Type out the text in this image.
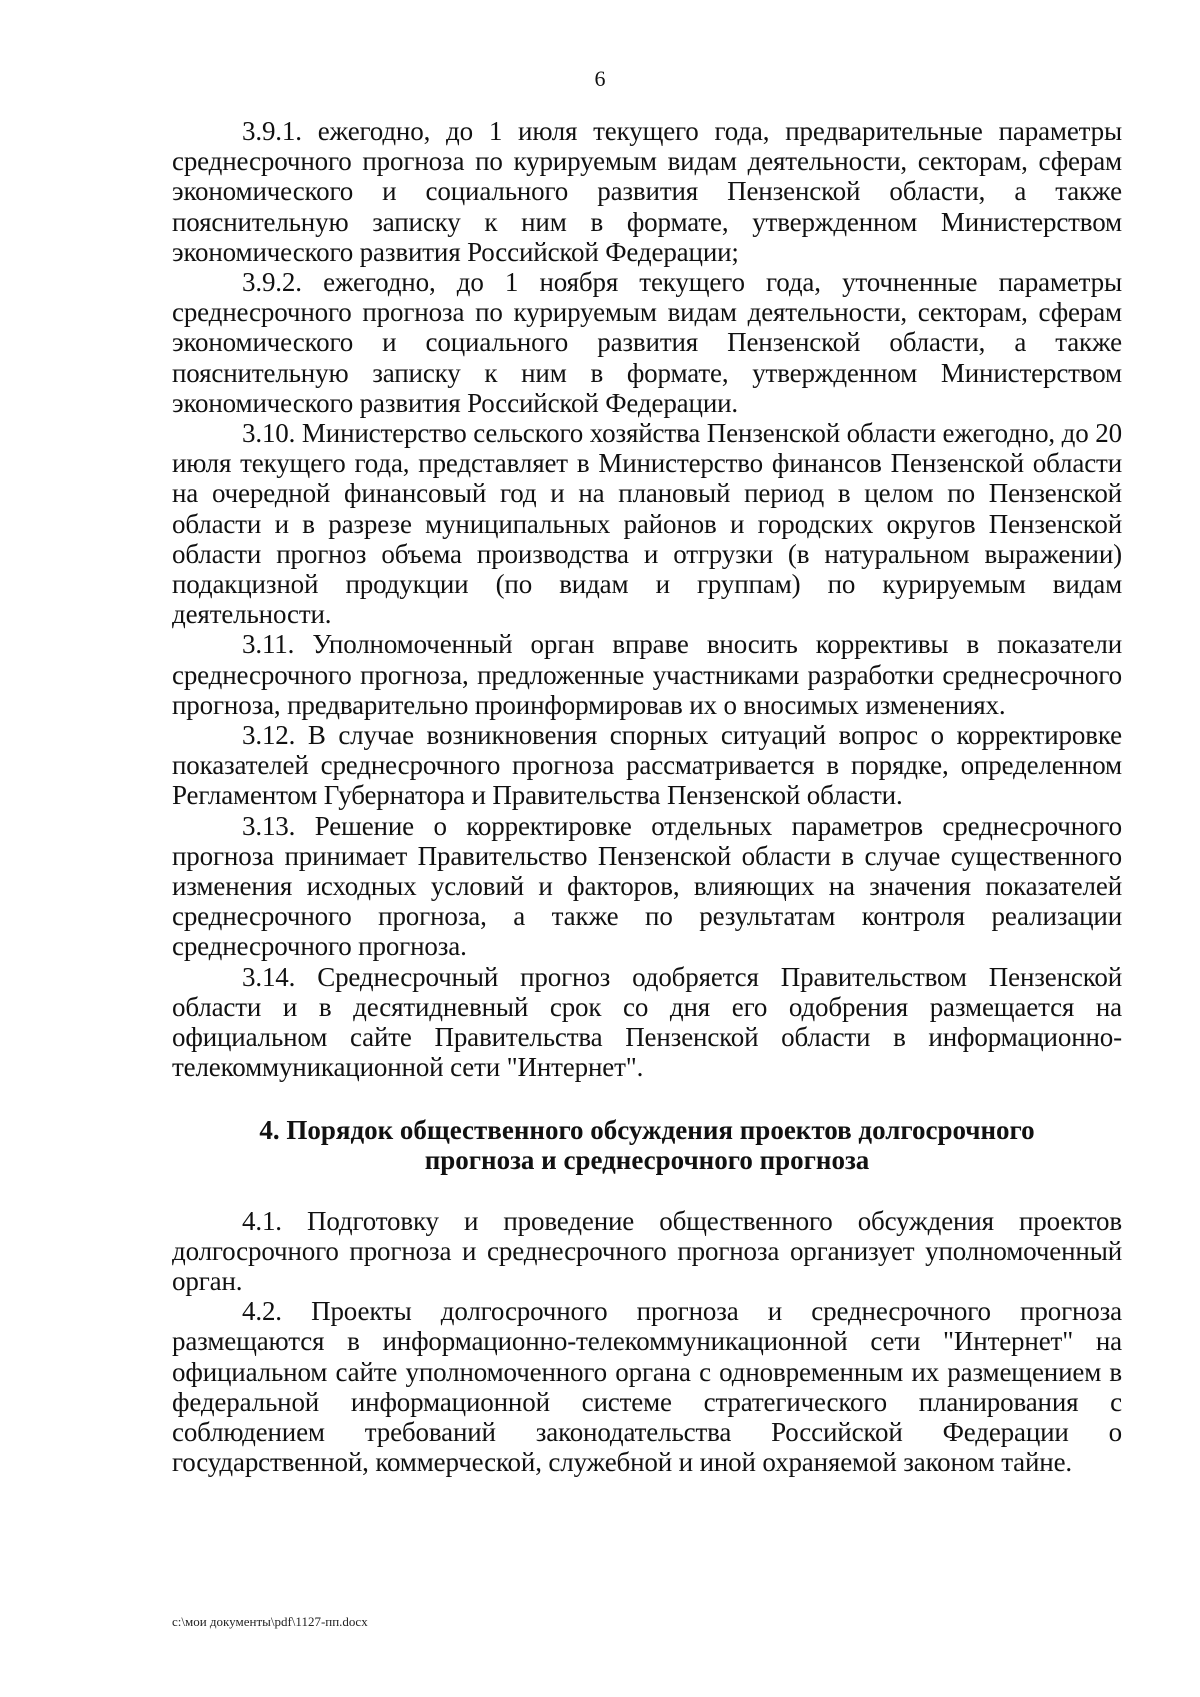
6

3.9.1. ежегодно, до 1 июля текущего года, предварительные параметры среднесрочного прогноза по курируемым видам деятельности, секторам, сферам экономического и социального развития Пензенской области, а также пояснительную записку к ним в формате, утвержденном Министерством экономического развития Российской Федерации;

3.9.2. ежегодно, до 1 ноября текущего года, уточненные параметры среднесрочного прогноза по курируемым видам деятельности, секторам, сферам экономического и социального развития Пензенской области, а также пояснительную записку к ним в формате, утвержденном Министерством экономического развития Российской Федерации.

3.10. Министерство сельского хозяйства Пензенской области ежегодно, до 20 июля текущего года, представляет в Министерство финансов Пензенской области на очередной финансовый год и на плановый период в целом по Пензенской области и в разрезе муниципальных районов и городских округов Пензенской области прогноз объема производства и отгрузки (в натуральном выражении) подакцизной продукции (по видам и группам) по курируемым видам деятельности.

3.11. Уполномоченный орган вправе вносить коррективы в показатели среднесрочного прогноза, предложенные участниками разработки среднесрочного прогноза, предварительно проинформировав их о вносимых изменениях.

3.12. В случае возникновения спорных ситуаций вопрос о корректировке показателей среднесрочного прогноза рассматривается в порядке, определенном Регламентом Губернатора и Правительства Пензенской области.

3.13. Решение о корректировке отдельных параметров среднесрочного прогноза принимает Правительство Пензенской области в случае существенного изменения исходных условий и факторов, влияющих на значения показателей среднесрочного прогноза, а также по результатам контроля реализации среднесрочного прогноза.

3.14. Среднесрочный прогноз одобряется Правительством Пензенской области и в десятидневный срок со дня его одобрения размещается на официальном сайте Правительства Пензенской области в информационно-телекоммуникационной сети "Интернет".

4. Порядок общественного обсуждения проектов долгосрочного прогноза и среднесрочного прогноза

4.1. Подготовку и проведение общественного обсуждения проектов долгосрочного прогноза и среднесрочного прогноза организует уполномоченный орган.

4.2. Проекты долгосрочного прогноза и среднесрочного прогноза размещаются в информационно-телекоммуникационной сети "Интернет" на официальном сайте уполномоченного органа с одновременным их размещением в федеральной информационной системе стратегического планирования с соблюдением требований законодательства Российской Федерации о государственной, коммерческой, служебной и иной охраняемой законом тайне.

c:\мои документы\pdf\1127-пп.docx
